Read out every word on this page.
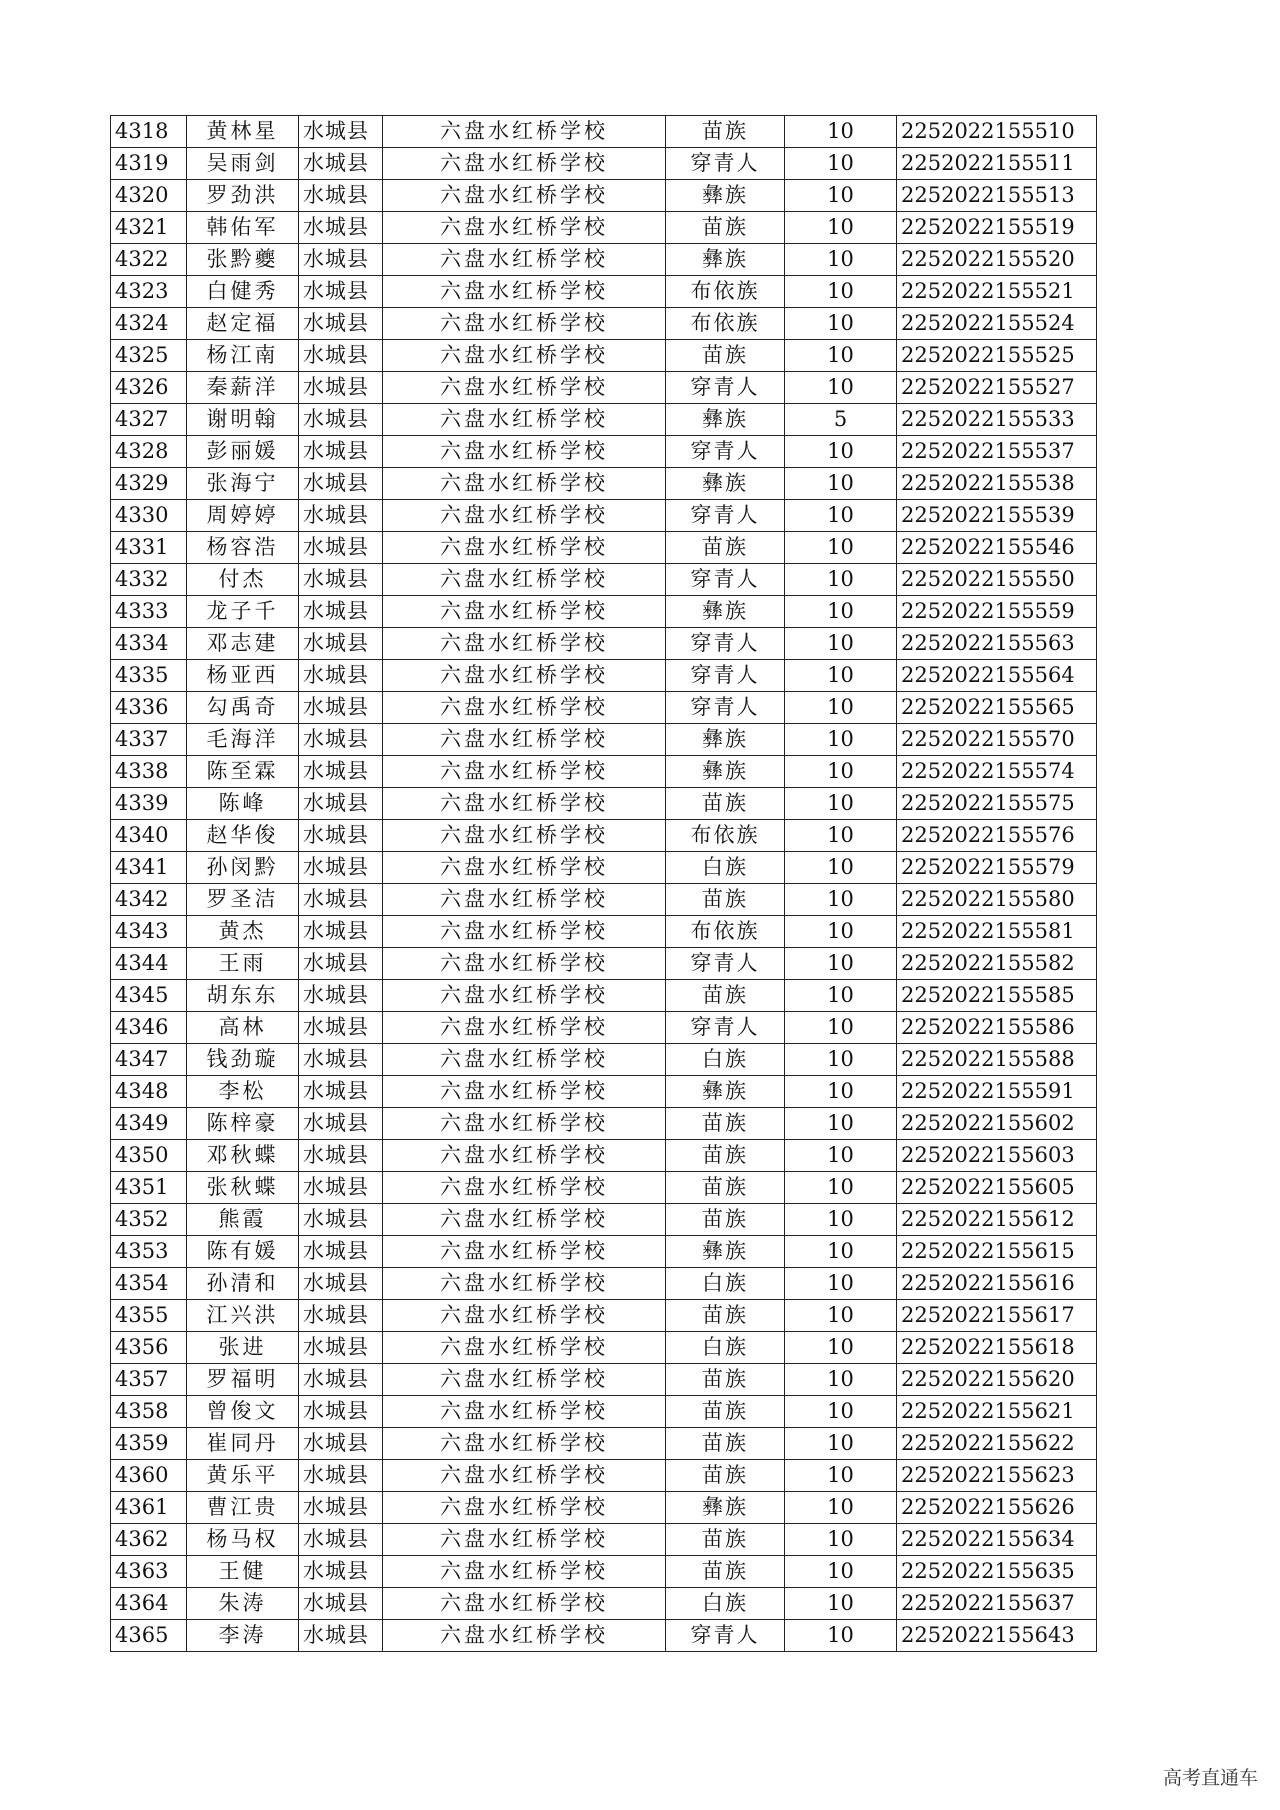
4318	黄林星	水城县	六盘水红桥学校	苗族	10	2252022155510
4319	吴雨剑	水城县	六盘水红桥学校	穿青人	10	2252022155511
4320	罗劲洪	水城县	六盘水红桥学校	彝族	10	2252022155513
4321	韩佑军	水城县	六盘水红桥学校	苗族	10	2252022155519
4322	张黔夔	水城县	六盘水红桥学校	彝族	10	2252022155520
4323	白健秀	水城县	六盘水红桥学校	布依族	10	2252022155521
4324	赵定福	水城县	六盘水红桥学校	布依族	10	2252022155524
4325	杨江南	水城县	六盘水红桥学校	苗族	10	2252022155525
4326	秦薪洋	水城县	六盘水红桥学校	穿青人	10	2252022155527
4327	谢明翰	水城县	六盘水红桥学校	彝族	5	2252022155533
4328	彭丽媛	水城县	六盘水红桥学校	穿青人	10	2252022155537
4329	张海宁	水城县	六盘水红桥学校	彝族	10	2252022155538
4330	周婷婷	水城县	六盘水红桥学校	穿青人	10	2252022155539
4331	杨容浩	水城县	六盘水红桥学校	苗族	10	2252022155546
4332	付杰	水城县	六盘水红桥学校	穿青人	10	2252022155550
4333	龙子千	水城县	六盘水红桥学校	彝族	10	2252022155559
4334	邓志建	水城县	六盘水红桥学校	穿青人	10	2252022155563
4335	杨亚西	水城县	六盘水红桥学校	穿青人	10	2252022155564
4336	勾禹奇	水城县	六盘水红桥学校	穿青人	10	2252022155565
4337	毛海洋	水城县	六盘水红桥学校	彝族	10	2252022155570
4338	陈至霖	水城县	六盘水红桥学校	彝族	10	2252022155574
4339	陈峰	水城县	六盘水红桥学校	苗族	10	2252022155575
4340	赵华俊	水城县	六盘水红桥学校	布依族	10	2252022155576
4341	孙闵黔	水城县	六盘水红桥学校	白族	10	2252022155579
4342	罗圣洁	水城县	六盘水红桥学校	苗族	10	2252022155580
4343	黄杰	水城县	六盘水红桥学校	布依族	10	2252022155581
4344	王雨	水城县	六盘水红桥学校	穿青人	10	2252022155582
4345	胡东东	水城县	六盘水红桥学校	苗族	10	2252022155585
4346	高林	水城县	六盘水红桥学校	穿青人	10	2252022155586
4347	钱劲璇	水城县	六盘水红桥学校	白族	10	2252022155588
4348	李松	水城县	六盘水红桥学校	彝族	10	2252022155591
4349	陈梓豪	水城县	六盘水红桥学校	苗族	10	2252022155602
4350	邓秋蝶	水城县	六盘水红桥学校	苗族	10	2252022155603
4351	张秋蝶	水城县	六盘水红桥学校	苗族	10	2252022155605
4352	熊霞	水城县	六盘水红桥学校	苗族	10	2252022155612
4353	陈有媛	水城县	六盘水红桥学校	彝族	10	2252022155615
4354	孙清和	水城县	六盘水红桥学校	白族	10	2252022155616
4355	江兴洪	水城县	六盘水红桥学校	苗族	10	2252022155617
4356	张进	水城县	六盘水红桥学校	白族	10	2252022155618
4357	罗福明	水城县	六盘水红桥学校	苗族	10	2252022155620
4358	曾俊文	水城县	六盘水红桥学校	苗族	10	2252022155621
4359	崔同丹	水城县	六盘水红桥学校	苗族	10	2252022155622
4360	黄乐平	水城县	六盘水红桥学校	苗族	10	2252022155623
4361	曹江贵	水城县	六盘水红桥学校	彝族	10	2252022155626
4362	杨马权	水城县	六盘水红桥学校	苗族	10	2252022155634
4363	王健	水城县	六盘水红桥学校	苗族	10	2252022155635
4364	朱涛	水城县	六盘水红桥学校	白族	10	2252022155637
4365	李涛	水城县	六盘水红桥学校	穿青人	10	2252022155643
高考直通车
